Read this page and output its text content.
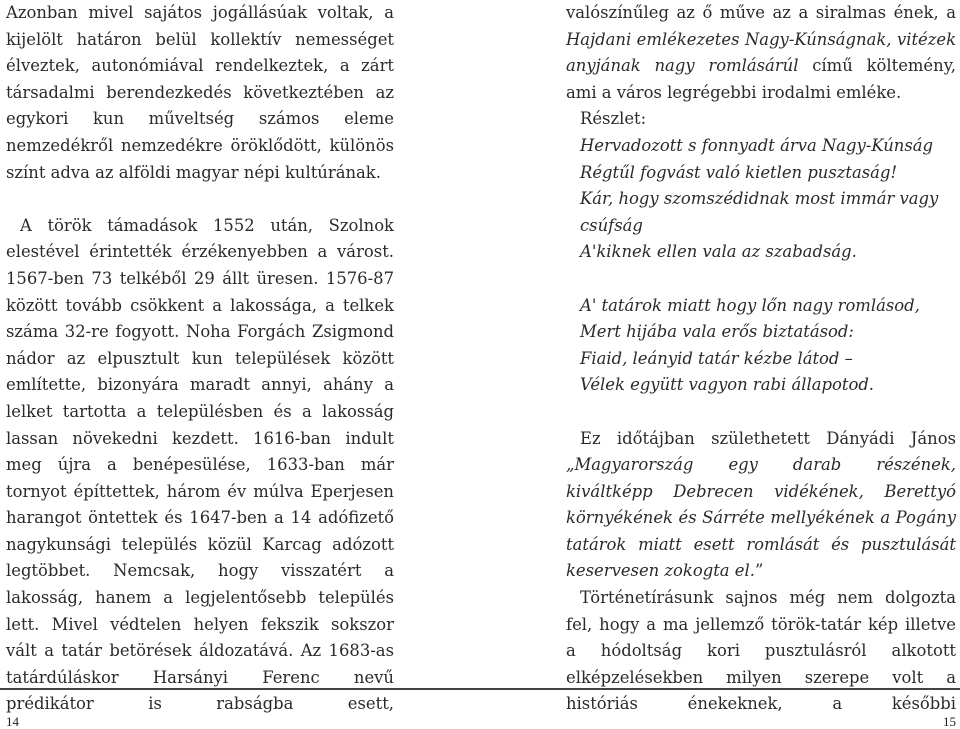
Azonban mivel sajátos jogállásúak voltak, a kijelölt határon belül kollektív nemességet élveztek, autonómiával rendelkeztek, a zárt társadalmi berendezkedés következtében az egykori kun műveltség számos eleme nemzedékről nemzedékre öröklődött, különös színt adva az alföldi magyar népi kultúrának.

A török támadások 1552 után, Szolnok elestével érintették érzékenyebben a várost. 1567-ben 73 telkéből 29 állt üresen. 1576-87 között tovább csökkent a lakossága, a telkek száma 32-re fogyott. Noha Forgách Zsigmond nádor az elpusztult kun települések között említette, bizonyára maradt annyi, ahány a lelket tartotta a településben és a lakosság lassan növekedni kezdett. 1616-ban indult meg újra a benépesülése, 1633-ban már tornyot építtettek, három év múlva Eperjesen harangot öntettek és 1647-ben a 14 adófizető nagykunsági település közül Karcag adózott legtöbbet. Nemcsak, hogy visszatért a lakosság, hanem a legjelentősebb település lett. Mivel védtelen helyen fekszik sokszor vált a tatár betörések áldozatává. Az 1683-as tatárdúláskor Harsányi Ferenc nevű prédikátor is rabságba esett,

valószínűleg az ő műve az a siralmas ének, a Hajdani emlékezetes Nagy-Kúnságnak, vitézek anyjának nagy romlásárúl című költemény, ami a város legrégebbi irodalmi emléke.

Részlet:
Hervadozott s fonnyadt árva Nagy-Kúnság
Régtűl fogvást való kietlen pusztaság!
Kár, hogy szomszédidnak most immár vagy csúfság
A'kiknek ellen vala az szabadság.
A' tatárok miatt hogy lőn nagy romlásod,
Mert hijába vala erős biztatásod:
Fiaid, leányid tatár kézbe látod –
Vélek együtt vagyon rabi állapotod.

Ez időtájban születhetett Dányádi János „Magyarország egy darab részének, kiváltképp Debrecen vidékének, Berettyó környékének és Sárréte mellyékének a Pogány tatárok miatt esett romlását és pusztulását keservesen zokogta el.”

Történetírásunk sajnos még nem dolgozta fel, hogy a ma jellemző török-tatár kép illetve a hódoltság kori pusztulásról alkotott elképzelésekben milyen szerepe volt a históriás énekeknek, a későbbi

14	15
